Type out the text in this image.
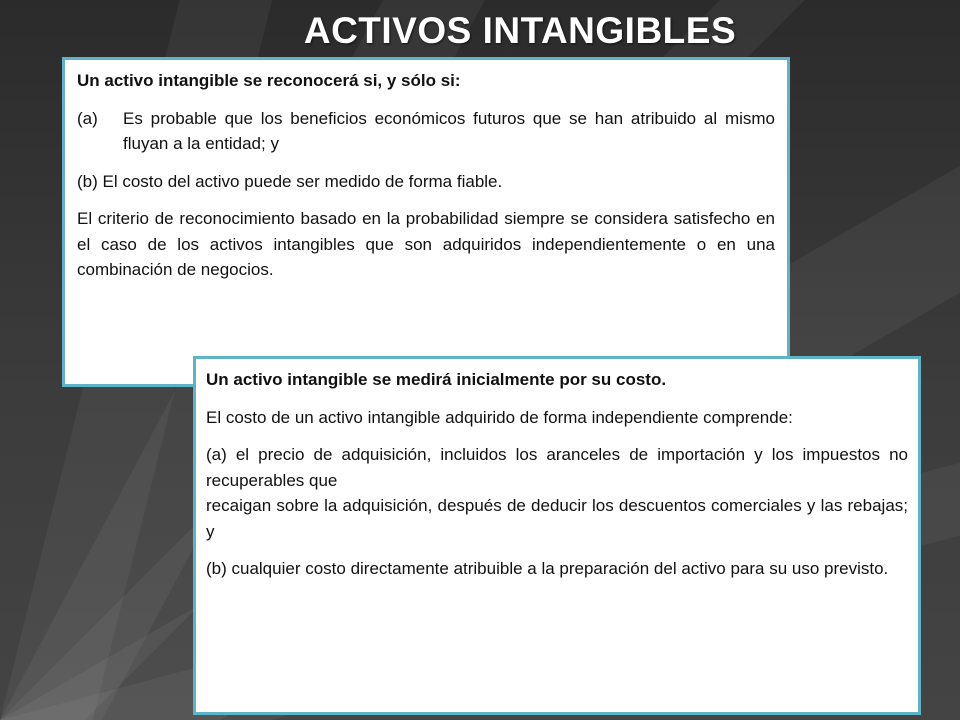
ACTIVOS INTANGIBLES
Un activo intangible se reconocerá si, y sólo si:
(a)	Es probable que los beneficios económicos futuros que se han atribuido al mismo fluyan a la entidad; y
(b) El costo del activo puede ser medido de forma fiable.
El criterio de reconocimiento basado en la probabilidad siempre se considera satisfecho en el caso de los activos intangibles que son adquiridos independientemente o en una combinación de negocios.
Un activo intangible se medirá inicialmente por su costo.
El costo de un activo intangible adquirido de forma independiente comprende:
(a) el precio de adquisición, incluidos los aranceles de importación y los impuestos no recuperables que
recaigan sobre la adquisición, después de deducir los descuentos comerciales y las rebajas; y
(b) cualquier costo directamente atribuible a la preparación del activo para su uso previsto.
